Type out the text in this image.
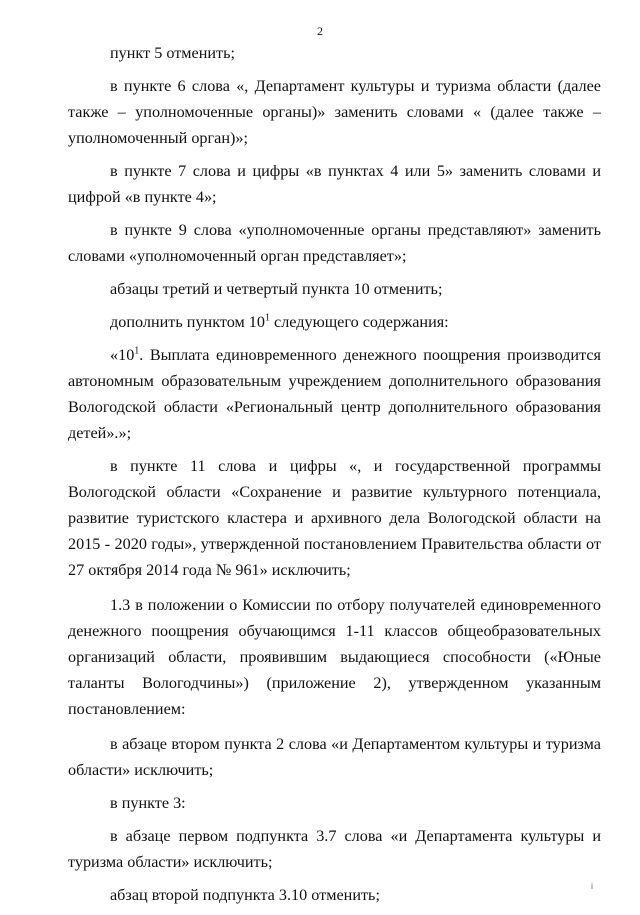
2

пункт 5 отменить;

в пункте 6 слова «, Департамент культуры и туризма области (далее также – уполномоченные органы)» заменить словами « (далее также – уполномоченный орган)»;

в пункте 7 слова и цифры «в пунктах 4 или 5» заменить словами и цифрой «в пункте 4»;

в пункте 9 слова «уполномоченные органы представляют» заменить словами «уполномоченный орган представляет»;

абзацы третий и четвертый пункта 10 отменить;

дополнить пунктом $10^1$ следующего содержания:

«$10^1$. Выплата единовременного денежного поощрения производится автономным образовательным учреждением дополнительного образования Вологодской области «Региональный центр дополнительного образования детей».»;

в пункте 11 слова и цифры «, и государственной программы Вологодской области «Сохранение и развитие культурного потенциала, развитие туристского кластера и архивного дела Вологодской области на 2015 - 2020 годы», утвержденной постановлением Правительства области от 27 октября 2014 года № 961» исключить;

1.3 в положении о Комиссии по отбору получателей единовременного денежного поощрения обучающимся 1-11 классов общеобразовательных организаций области, проявившим выдающиеся способности («Юные таланты Вологодчины») (приложение 2), утвержденном указанным постановлением:

в абзаце втором пункта 2 слова «и Департаментом культуры и туризма области» исключить;

в пункте 3:

в абзаце первом подпункта 3.7 слова «и Департамента культуры и туризма области» исключить;

абзац второй подпункта 3.10 отменить;	i
